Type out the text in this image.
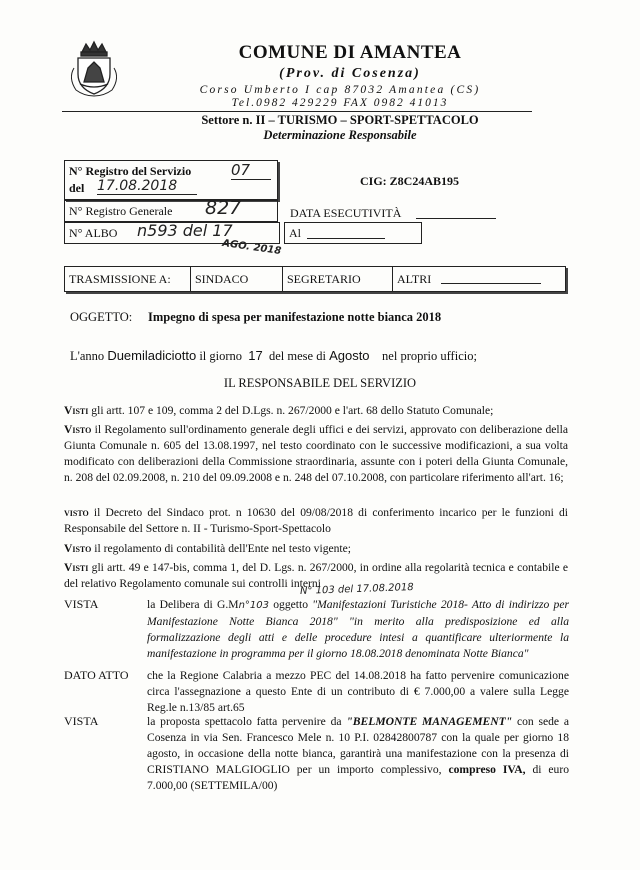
COMUNE DI AMANTEA
(Prov. di Cosenza)
Corso Umberto I cap 87032 Amantea (CS)
Tel.0982 429229 FAX 0982 41013
Settore n. II – TURISMO – SPORT-SPETTACOLO
Determinazione Responsabile
N° Registro del Servizio	07
del 17.08.2018
N° Registro Generale 827
N° ALBO n593 del 17
AGO. 2018
Al
CIG: Z8C24AB195
DATA ESECUTIVITÀ
TRASMISSIONE A:	SINDACO	SEGRETARIO	ALTRI
OGGETTO: Impegno di spesa per manifestazione notte bianca 2018
L'anno Duemiladiciotto il giorno 17 del mese di Agosto nel proprio ufficio;
IL RESPONSABILE DEL SERVIZIO
Visti gli artt. 107 e 109, comma 2 del D.Lgs. n. 267/2000 e l'art. 68 dello Statuto Comunale;
Visto il Regolamento sull'ordinamento generale degli uffici e dei servizi, approvato con deliberazione della Giunta Comunale n. 605 del 13.08.1997, nel testo coordinato con le successive modificazioni, a sua volta modificato con deliberazioni della Commissione straordinaria, assunte con i poteri della Giunta Comunale, n. 208 del 02.09.2008, n. 210 del 09.09.2008 e n. 248 del 07.10.2008, con particolare riferimento all'art. 16;
visto il Decreto del Sindaco prot. n 10630 del 09/08/2018 di conferimento incarico per le funzioni di Responsabile del Settore n. II - Turismo-Sport-Spettacolo
Visto il regolamento di contabilità dell'Ente nel testo vigente;
Visti gli artt. 49 e 147-bis, comma 1, del D. Lgs. n. 267/2000, in ordine alla regolarità tecnica e contabile e del relativo Regolamento comunale sui controlli interni
N° 103 del 17.08.2018
VISTA	la Delibera di G.Mn°103 oggetto "Manifestazioni Turistiche 2018- Atto di indirizzo per Manifestazione Notte Bianca 2018" "in merito alla predisposizione ed alla formalizzazione degli atti e delle procedure intesi a quantificare ulteriormente la manifestazione in programma per il giorno 18.08.2018 denominata Notte Bianca"
DATO ATTO che la Regione Calabria a mezzo PEC del 14.08.2018 ha fatto pervenire comunicazione circa l'assegnazione a questo Ente di un contributo di € 7.000,00 a valere sulla Legge Reg.le n.13/85 art.65
VISTA	la proposta spettacolo fatta pervenire da "BELMONTE MANAGEMENT" con sede a Cosenza in via Sen. Francesco Mele n. 10 P.I. 02842800787 con la quale per giorno 18 agosto, in occasione della notte bianca, garantirà una manifestazione con la presenza di CRISTIANO MALGIOGLIO per un importo complessivo, compreso IVA, di euro 7.000,00 (SETTEMILA/00)
